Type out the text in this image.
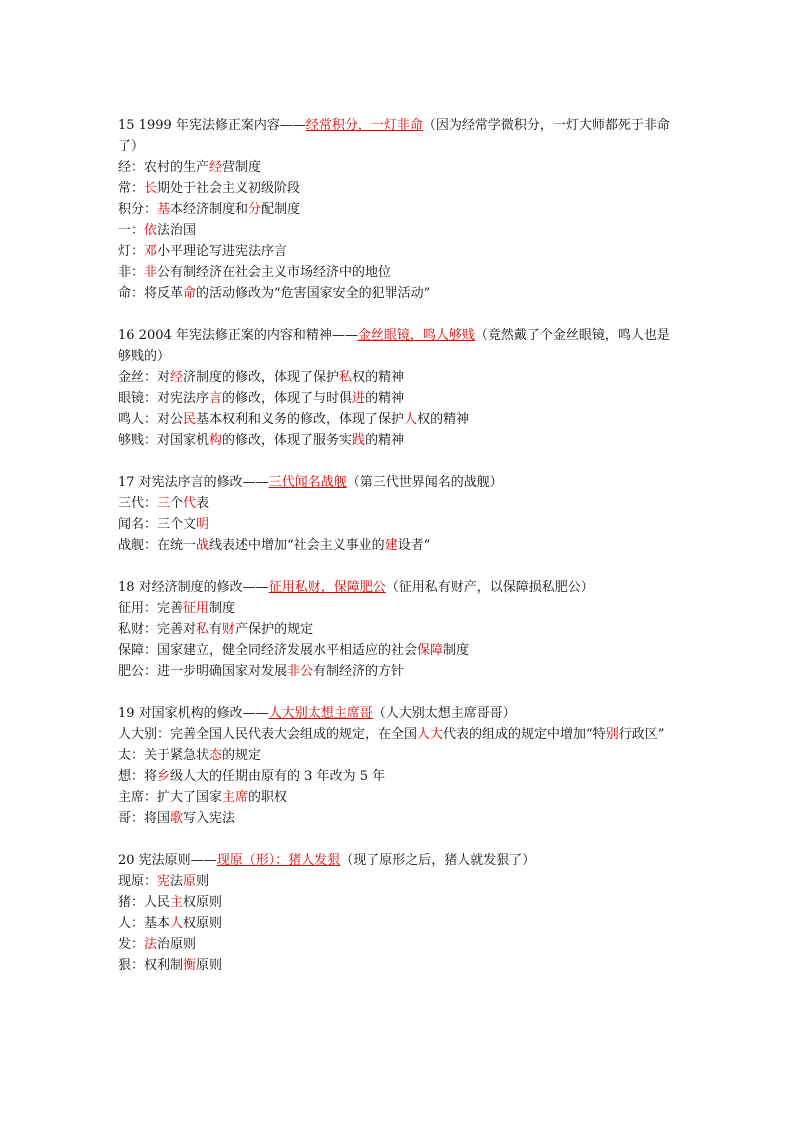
15 1999 年宪法修正案内容——经常积分，一灯非命（因为经常学微积分，一灯大师都死于非命了）
经：农村的生产经营制度
常：长期处于社会主义初级阶段
积分：基本经济制度和分配制度
一：依法治国
灯：邓小平理论写进宪法序言
非：非公有制经济在社会主义市场经济中的地位
命：将反革命的活动修改为“危害国家安全的犯罪活动”
16 2004 年宪法修正案的内容和精神——金丝眼镜，鸣人够贱（竟然戴了个金丝眼镜，鸣人也是够贱的）
金丝：对经济制度的修改，体现了保护私权的精神
眼镜：对宪法序言的修改，体现了与时俱进的精神
鸣人：对公民基本权利和义务的修改，体现了保护人权的精神
够贱：对国家机构的修改，体现了服务实践的精神
17 对宪法序言的修改——三代闻名战舰（第三代世界闻名的战舰）
三代：三个代表
闻名：三个文明
战舰：在统一战线表述中增加“社会主义事业的建设者”
18 对经济制度的修改——征用私财，保障肥公（征用私有财产，以保障损私肥公）
征用：完善征用制度
私财：完善对私有财产保护的规定
保障：国家建立，健全同经济发展水平相适应的社会保障制度
肥公：进一步明确国家对发展非公有制经济的方针
19 对国家机构的修改——人大别太想主席哥（人大别太想主席哥哥）
人大别：完善全国人民代表大会组成的规定，在全国人大代表的组成的规定中增加“特别行政区”
太：关于紧急状态的规定
想：将乡级人大的任期由原有的 3 年改为 5 年
主席：扩大了国家主席的职权
哥：将国歌写入宪法
20 宪法原则——现原（形）：猪人发狠（现了原形之后，猪人就发狠了）
现原：宪法原则
猪：人民主权原则
人：基本人权原则
发：法治原则
狠：权利制衡原则
